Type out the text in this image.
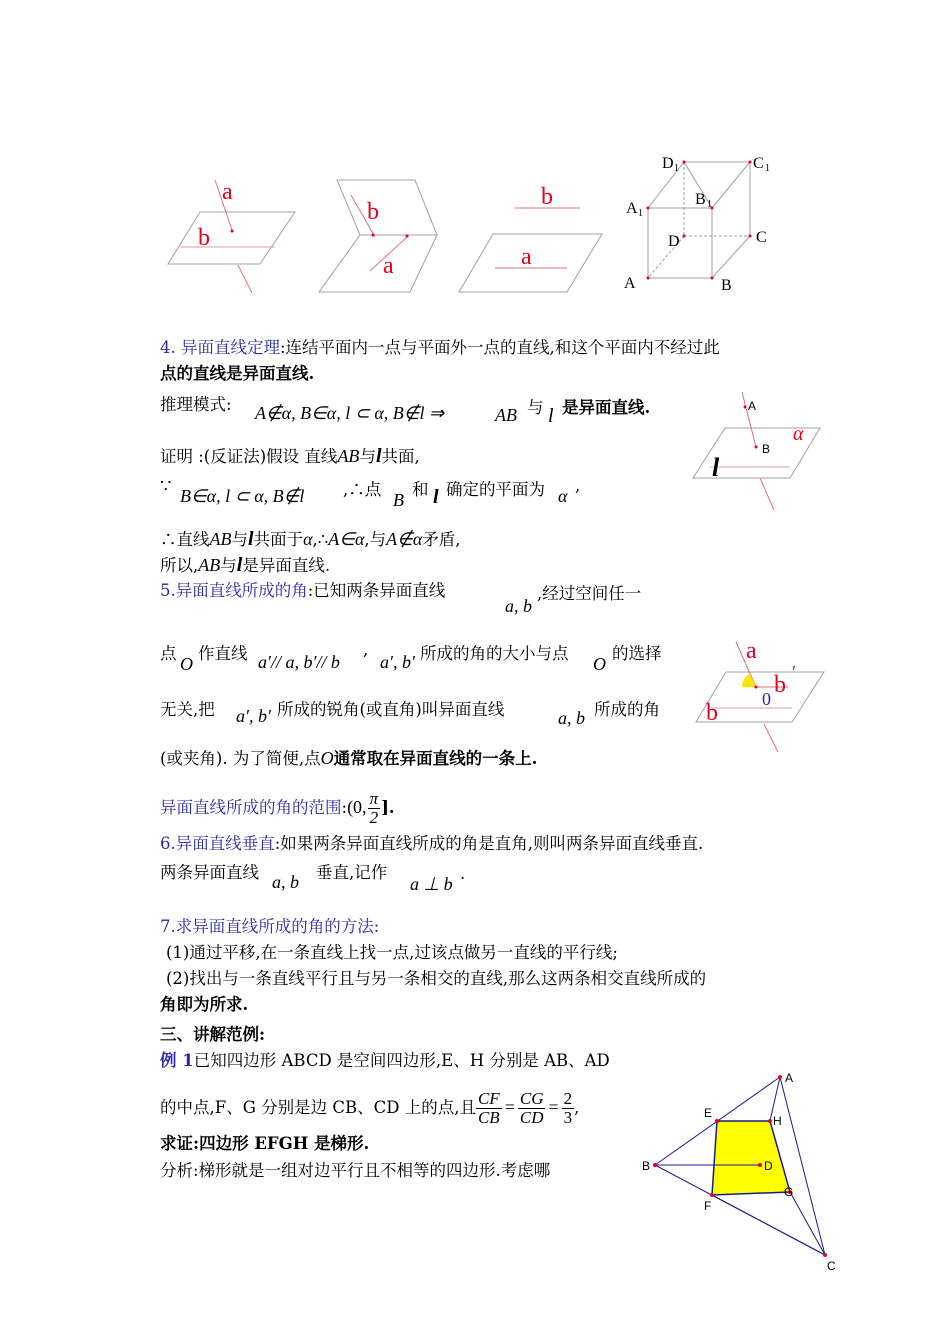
a
b
b
a
b
a
D 1	C 1
A 1
B 1
D	C
A	B
4. 异面直线定理:连结平面内一点与平面外一点的直线,和这个平面内不经过此
点的直线是异面直线.
推理模式: A∉α, B∈α, l ⊂ α, B∉l ⇒	AB 与 l 是异面直线.
证明 :(反证法)假设 直线AB与l共面,
∵ B∈α, l ⊂ α, B∉l ,∴点
B
和 l 确定的平面为 α
,
∴直线AB与l共面于α,∴A∈α,与A∉α矛盾,
所以,AB与l是异面直线.
A
B
α
l
5.异面直线所成的角:已知两条异面直线
a, b
,经过空间任一
点
O
作直线 a′// a, b′// b
,
a′, b′ 所成的角的大小与点
O
的选择
无关,把 a′, b′ 所成的锐角(或直角)叫异面直线	a, b 所成的角
(或夹角). 为了简便,点O通常取在异面直线的一条上.
异面直线所成的角的范围:(0, $\frac{\pi}{2}$ ].
a
b ′
0
b
6.异面直线垂直:如果两条异面直线所成的角是直角,则叫两条异面直线垂直.
两条异面直线 a, b 垂直,记作
a ⊥ b
.
7.求异面直线所成的角的方法:
(1)通过平移,在一条直线上找一点,过该点做另一直线的平行线;
(2)找出与一条直线平行且与另一条相交的直线,那么这两条相交直线所成的
角即为所求.
三、讲解范例:
例 1已知四边形 ABCD 是空间四边形,E、H 分别是 AB、AD
的中点,F、G 分别是边 CB、CD 上的点,且 $\frac{CF}{CB} = \frac{CG}{CD} = \frac{2}{3}$ ,
求证:四边形 EFGH 是梯形.
分析:梯形就是一组对边平行且不相等的四边形.考虑哪
A
B
C
D
E
F
G
H
